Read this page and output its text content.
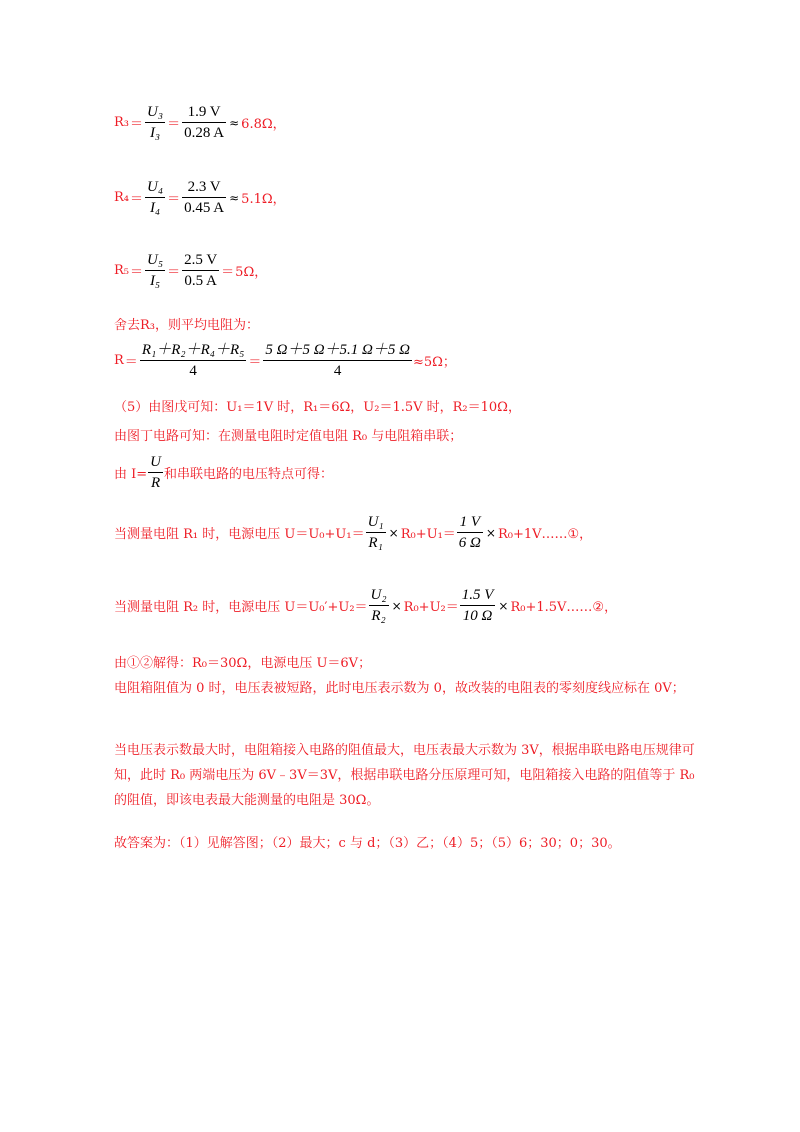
$R_3 = \frac{\text{U₃}}{\text{I₃}} = \frac{1.9 V}{0.28 A} \approx 6.8\Omega$，
$R_4 = \frac{\text{U₄}}{\text{I₄}} = \frac{2.3 V}{0.45 A} \approx 5.1\Omega$，
$R_5 = \frac{\text{U₅}}{\text{I₅}} = \frac{2.5 V}{0.5 A} = 5\Omega$，
舍去R₃，则平均电阻为：
$R = \frac{\text{R₁＋R₂＋R₄＋R₅}}{4} = \frac{5 \Omega+5 \Omega+5.1 \Omega+5 \Omega}{4} \approx 5\Omega$；
（5）由图戊可知：U₁＝1V 时，R₁＝6Ω，U₂＝1.5V 时，R₂＝10Ω，
由图丁电路可知：在测量电阻时定值电阻 R₀ 与电阻箱串联；
由 $I= \frac{U}{R}$ 和串联电路的电压特点可得：
当测量电阻 R₁ 时，电源电压 $U=U_0+U_1= \frac{\text{U₁}}{\text{R₁}} \times R_0+U_1= \frac{1 V}{6 \Omega}$ × R₀+1V……①，
当测量电阻 R₂ 时，电源电压 $U=U_0'+U_2= \frac{\text{U₂}}{\text{R₂}} \times R_0+U_2= \frac{1.5 V}{10 \Omega}$ × R₀+1.5V……②，
由①②解得：R₀＝30Ω，电源电压 U＝6V；
电阻箱阻值为 0 时，电压表被短路，此时电压表示数为 0，故改装的电阻表的零刻度线应标在 0V；
当电压表示数最大时，电阻箱接入电路的阻值最大，电压表最大示数为 3V，根据串联电路电压规律可知，此时 R₀ 两端电压为 6V﹣3V＝3V，根据串联电路分压原理可知，电阻箱接入电路的阻值等于 R₀ 的阻值，即该电表最大能测量的电阻是 30Ω。
故答案为：（1）见解答图；（2）最大；c 与 d；（3）乙；（4）5；（5）6；30；0；30。
